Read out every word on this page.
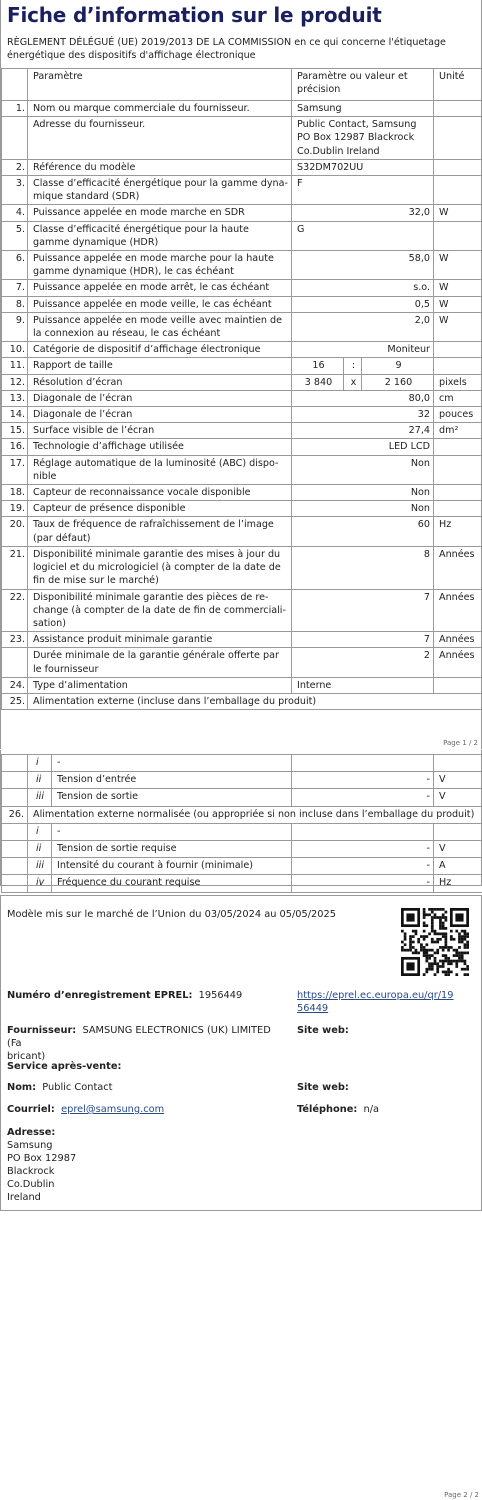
Fiche d’information sur le produit
RÈGLEMENT DÉLÉGUÉ (UE) 2019/2013 DE LA COMMISSION en ce qui concerne l'étiquetage énergétique des dispositifs d'affichage électronique
	Paramètre	Paramètre ou valeur et précision			Unité
1.	Nom ou marque commerciale du fournisseur.	Samsung			
	Adresse du fournisseur.	Public Contact, Samsung PO Box 12987 Blackrock Co.Dublin Ireland			
2.	Référence du modèle	S32DM702UU			
3.	Classe d’efficacité énergétique pour la gamme dyna-mique standard (SDR)	F			
4.	Puissance appelée en mode marche en SDR	32,0			W
5.	Classe d’efficacité énergétique pour la haute gamme dynamique (HDR)	G			
6.	Puissance appelée en mode marche pour la haute gamme dynamique (HDR), le cas échéant	58,0			W
7.	Puissance appelée en mode arrêt, le cas échéant	s.o.			W
8.	Puissance appelée en mode veille, le cas échéant	0,5			W
9.	Puissance appelée en mode veille avec maintien de la connexion au réseau, le cas échéant	2,0			W
10.	Catégorie de dispositif d’affichage électronique	Moniteur			
11.	Rapport de taille	16	:	9	
12.	Résolution d’écran	3 840	x	2 160	pixels
13.	Diagonale de l’écran	80,0			cm
14.	Diagonale de l’écran	32			pouces
15.	Surface visible de l’écran	27,4			dm²
16.	Technologie d’affichage utilisée	LED LCD			
17.	Réglage automatique de la luminosité (ABC) dispo-nible	Non			
18.	Capteur de reconnaissance vocale disponible	Non			
19.	Capteur de présence disponible	Non			
20.	Taux de fréquence de rafraîchissement de l’image (par défaut)	60			Hz
21.	Disponibilité minimale garantie des mises à jour du logiciel et du micrologiciel (à compter de la date de fin de mise sur le marché)	8			Années
22.	Disponibilité minimale garantie des pièces de re-change (à compter de la date de fin de commerciali-sation)	7			Années
23.	Assistance produit minimale garantie	7			Années
	Durée minimale de la garantie générale offerte par le fournisseur	2			Années
24.	Type d’alimentation	Interne			
25.	Alimentation externe (incluse dans l’emballage du produit)				
Page 1 / 2
	i	-		
	ii	Tension d’entrée	-	V
	iii	Tension de sortie	-	V
26.	Alimentation externe normalisée (ou appropriée si non incluse dans l’emballage du produit)			
	i	-		
	ii	Tension de sortie requise	-	V
	iii	Intensité du courant à fournir (minimale)	-	A
	iv	Fréquence du courant requise	-	Hz
Modèle mis sur le marché de l’Union du 03/05/2024 au 05/05/2025
Numéro d’enregistrement EPREL: 1956449	https://eprel.ec.europa.eu/qr/19
56449
Fournisseur: SAMSUNG ELECTRONICS (UK) LIMITED (Fa
bricant)
Site web:
Service après-vente:
Nom: Public Contact	Site web:
Courriel: eprel@samsung.com	Téléphone: n/a
Adresse:
Samsung
PO Box 12987
Blackrock
Co.Dublin
Ireland
Page 2 / 2
